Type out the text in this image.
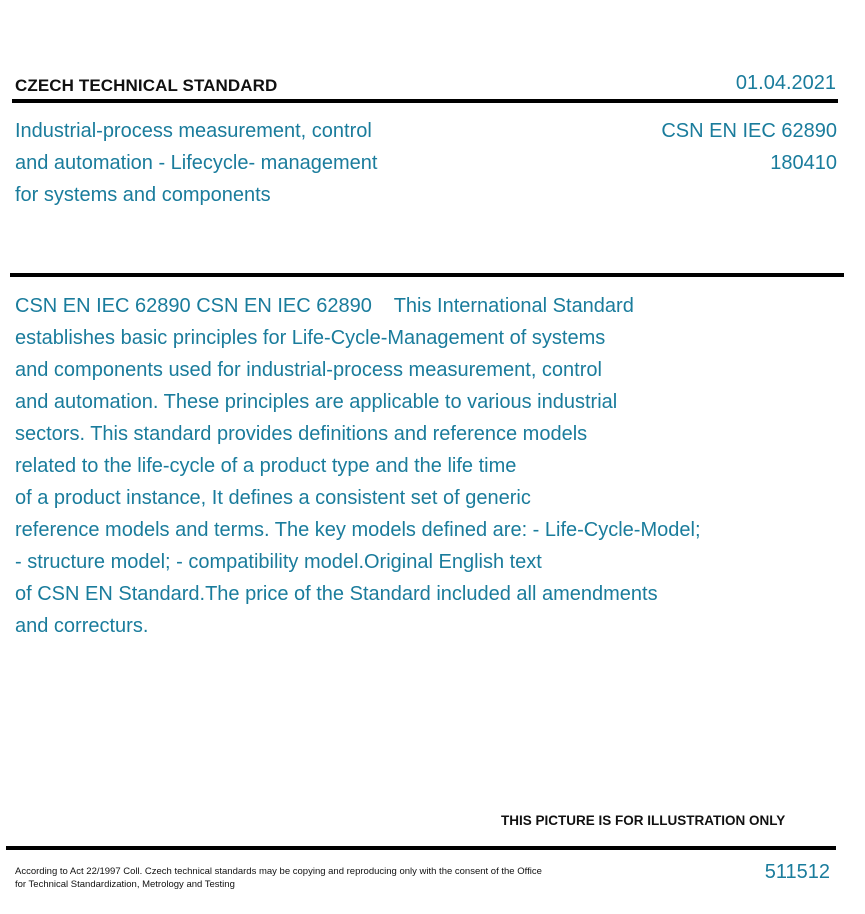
CZECH TECHNICAL STANDARD	01.04.2021
Industrial-process measurement, control
and automation - Lifecycle- management
for systems and components
CSN EN IEC 62890
180410
CSN EN IEC 62890 CSN EN IEC 62890    This International Standard
establishes basic principles for Life-Cycle-Management of systems
and components used for industrial-process measurement, control
and automation. These principles are applicable to various industrial
sectors. This standard provides definitions and reference models
related to the life-cycle of a product type and the life time
of a product instance, It defines a consistent set of generic
reference models and terms. The key models defined are: - Life-Cycle-Model;
- structure model; - compatibility model.Original English text
of CSN EN Standard.The price of the Standard included all amendments
and correcturs.
THIS PICTURE IS FOR ILLUSTRATION ONLY
According to Act 22/1997 Coll. Czech technical standards may be copying and reproducing only with the consent of the Office
for Technical Standardization, Metrology and Testing
511512
